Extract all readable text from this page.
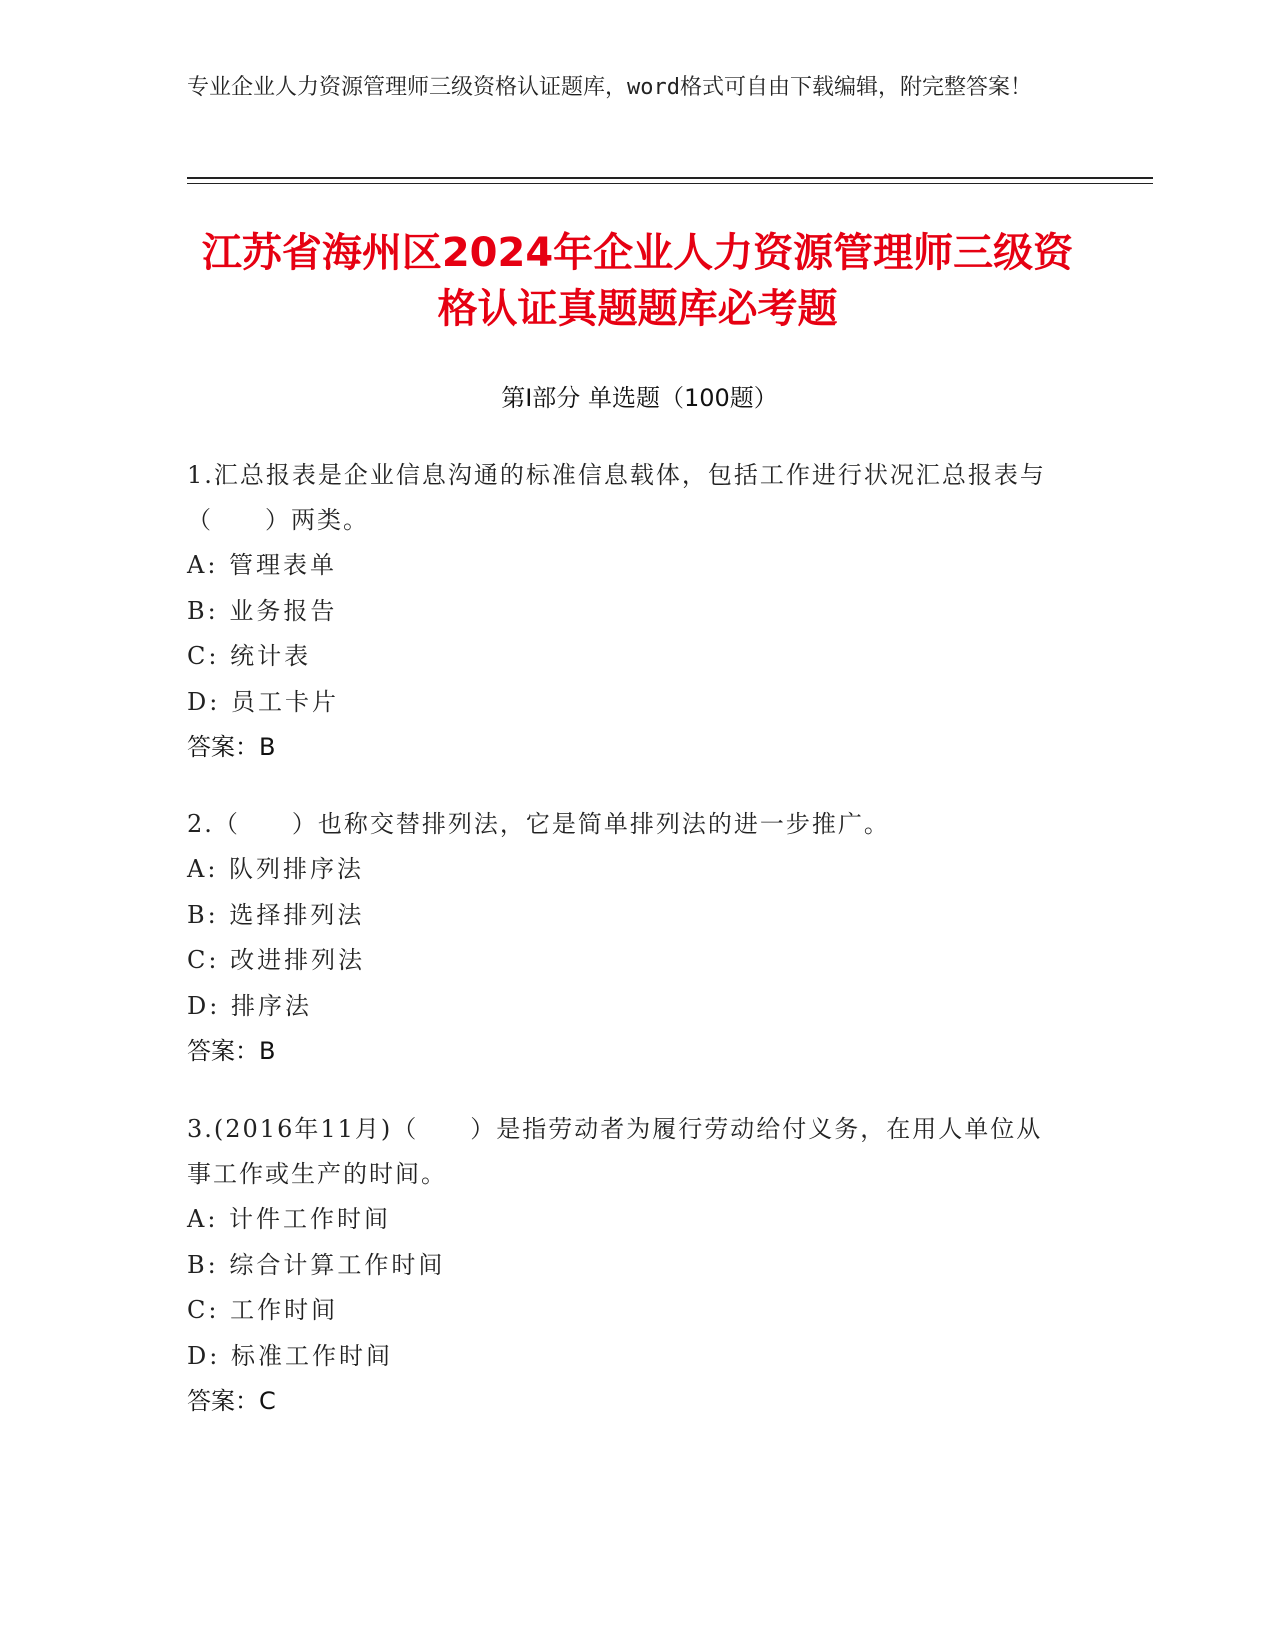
专业企业人力资源管理师三级资格认证题库，word格式可自由下载编辑，附完整答案！
江苏省海州区2024年企业人力资源管理师三级资格认证真题题库必考题
第I部分 单选题（100题）
1.汇总报表是企业信息沟通的标准信息载体，包括工作进行状况汇总报表与（　　）两类。
A: 管理表单
B: 业务报告
C: 统计表
D: 员工卡片
答案：B
2.（　　）也称交替排列法，它是简单排列法的进一步推广。
A: 队列排序法
B: 选择排列法
C: 改进排列法
D: 排序法
答案：B
3.(2016年11月)（　　）是指劳动者为履行劳动给付义务，在用人单位从事工作或生产的时间。
A: 计件工作时间
B: 综合计算工作时间
C: 工作时间
D: 标准工作时间
答案：C
